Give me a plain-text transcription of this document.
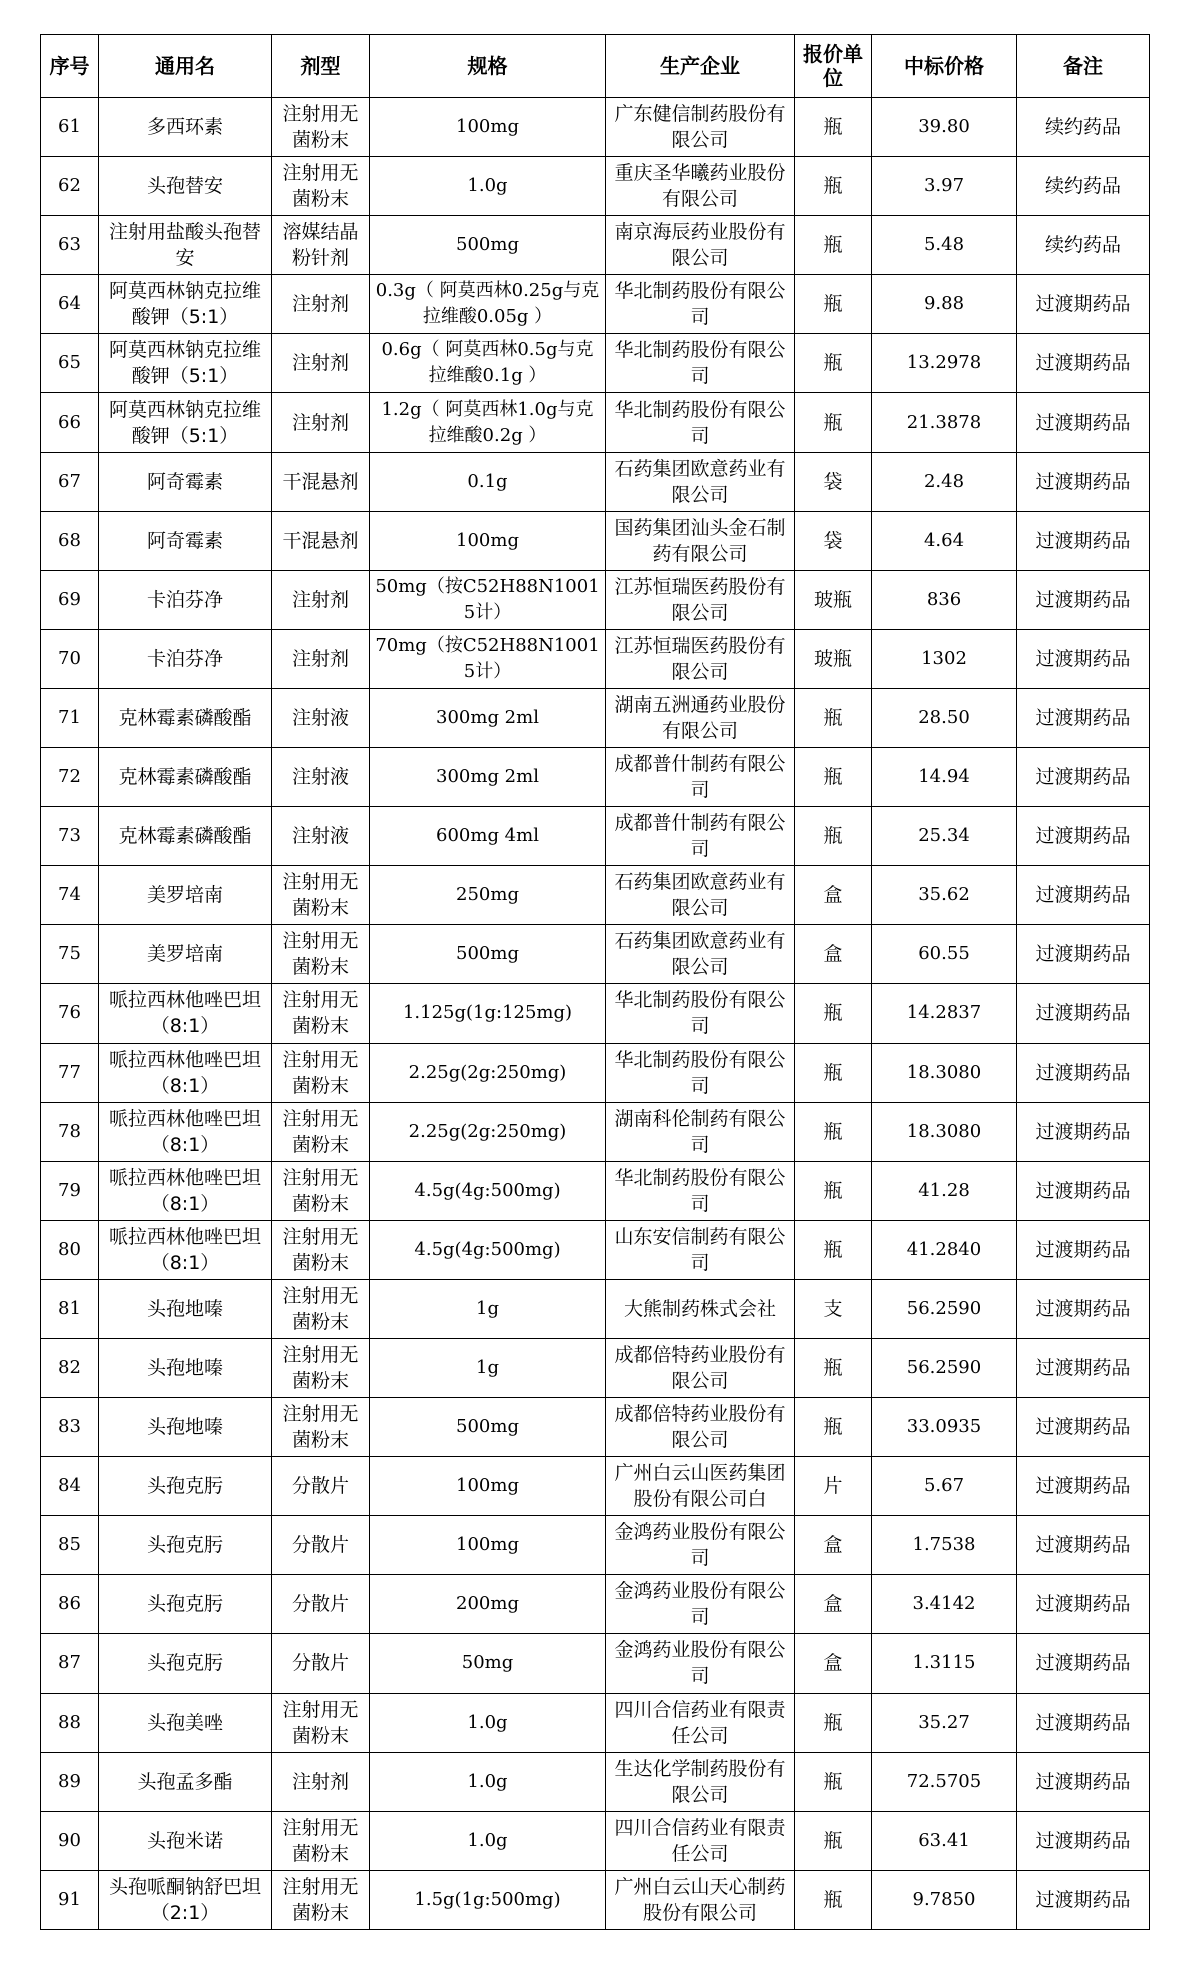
序号	通用名	剂型	规格	生产企业	报价单位	中标价格	备注

61	多西环素	注射用无菌粉末	100mg	广东健信制药股份有限公司	瓶	39.80	续约药品

62	头孢替安	注射用无菌粉末	1.0g	重庆圣华曦药业股份有限公司	瓶	3.97	续约药品

63	注射用盐酸头孢替安	溶媒结晶粉针剂	500mg	南京海辰药业股份有限公司	瓶	5.48	续约药品

64	阿莫西林钠克拉维酸钾（5:1）	注射剂	0.3g（ 阿莫西林0.25g与克拉维酸0.05g ）	华北制药股份有限公司	瓶	9.88	过渡期药品

65	阿莫西林钠克拉维酸钾（5:1）	注射剂	0.6g（ 阿莫西林0.5g与克拉维酸0.1g ）	华北制药股份有限公司	瓶	13.2978	过渡期药品

66	阿莫西林钠克拉维酸钾（5:1）	注射剂	1.2g（ 阿莫西林1.0g与克拉维酸0.2g ）	华北制药股份有限公司	瓶	21.3878	过渡期药品

67	阿奇霉素	干混悬剂	0.1g	石药集团欧意药业有限公司	袋	2.48	过渡期药品

68	阿奇霉素	干混悬剂	100mg	国药集团汕头金石制药有限公司	袋	4.64	过渡期药品

69	卡泊芬净	注射剂	50mg（按C52H88N10015计）	江苏恒瑞医药股份有限公司	玻瓶	836	过渡期药品

70	卡泊芬净	注射剂	70mg（按C52H88N10015计）	江苏恒瑞医药股份有限公司	玻瓶	1302	过渡期药品

71	克林霉素磷酸酯	注射液	300mg 2ml	湖南五洲通药业股份有限公司	瓶	28.50	过渡期药品

72	克林霉素磷酸酯	注射液	300mg 2ml	成都普什制药有限公司	瓶	14.94	过渡期药品

73	克林霉素磷酸酯	注射液	600mg 4ml	成都普什制药有限公司	瓶	25.34	过渡期药品

74	美罗培南	注射用无菌粉末	250mg	石药集团欧意药业有限公司	盒	35.62	过渡期药品

75	美罗培南	注射用无菌粉末	500mg	石药集团欧意药业有限公司	盒	60.55	过渡期药品

76	哌拉西林他唑巴坦（8:1）	注射用无菌粉末	1.125g(1g:125mg)	华北制药股份有限公司	瓶	14.2837	过渡期药品

77	哌拉西林他唑巴坦（8:1）	注射用无菌粉末	2.25g(2g:250mg)	华北制药股份有限公司	瓶	18.3080	过渡期药品

78	哌拉西林他唑巴坦（8:1）	注射用无菌粉末	2.25g(2g:250mg)	湖南科伦制药有限公司	瓶	18.3080	过渡期药品

79	哌拉西林他唑巴坦（8:1）	注射用无菌粉末	4.5g(4g:500mg)	华北制药股份有限公司	瓶	41.28	过渡期药品

80	哌拉西林他唑巴坦（8:1）	注射用无菌粉末	4.5g(4g:500mg)	山东安信制药有限公司	瓶	41.2840	过渡期药品

81	头孢地嗪	注射用无菌粉末	1g	大熊制药株式会社	支	56.2590	过渡期药品

82	头孢地嗪	注射用无菌粉末	1g	成都倍特药业股份有限公司	瓶	56.2590	过渡期药品

83	头孢地嗪	注射用无菌粉末	500mg	成都倍特药业股份有限公司	瓶	33.0935	过渡期药品

84	头孢克肟	分散片	100mg	广州白云山医药集团股份有限公司白	片	5.67	过渡期药品

85	头孢克肟	分散片	100mg	金鸿药业股份有限公司	盒	1.7538	过渡期药品

86	头孢克肟	分散片	200mg	金鸿药业股份有限公司	盒	3.4142	过渡期药品

87	头孢克肟	分散片	50mg	金鸿药业股份有限公司	盒	1.3115	过渡期药品

88	头孢美唑	注射用无菌粉末	1.0g	四川合信药业有限责任公司	瓶	35.27	过渡期药品

89	头孢孟多酯	注射剂	1.0g	生达化学制药股份有限公司	瓶	72.5705	过渡期药品

90	头孢米诺	注射用无菌粉末	1.0g	四川合信药业有限责任公司	瓶	63.41	过渡期药品

91	头孢哌酮钠舒巴坦（2:1）	注射用无菌粉末	1.5g(1g:500mg)	广州白云山天心制药股份有限公司	瓶	9.7850	过渡期药品
